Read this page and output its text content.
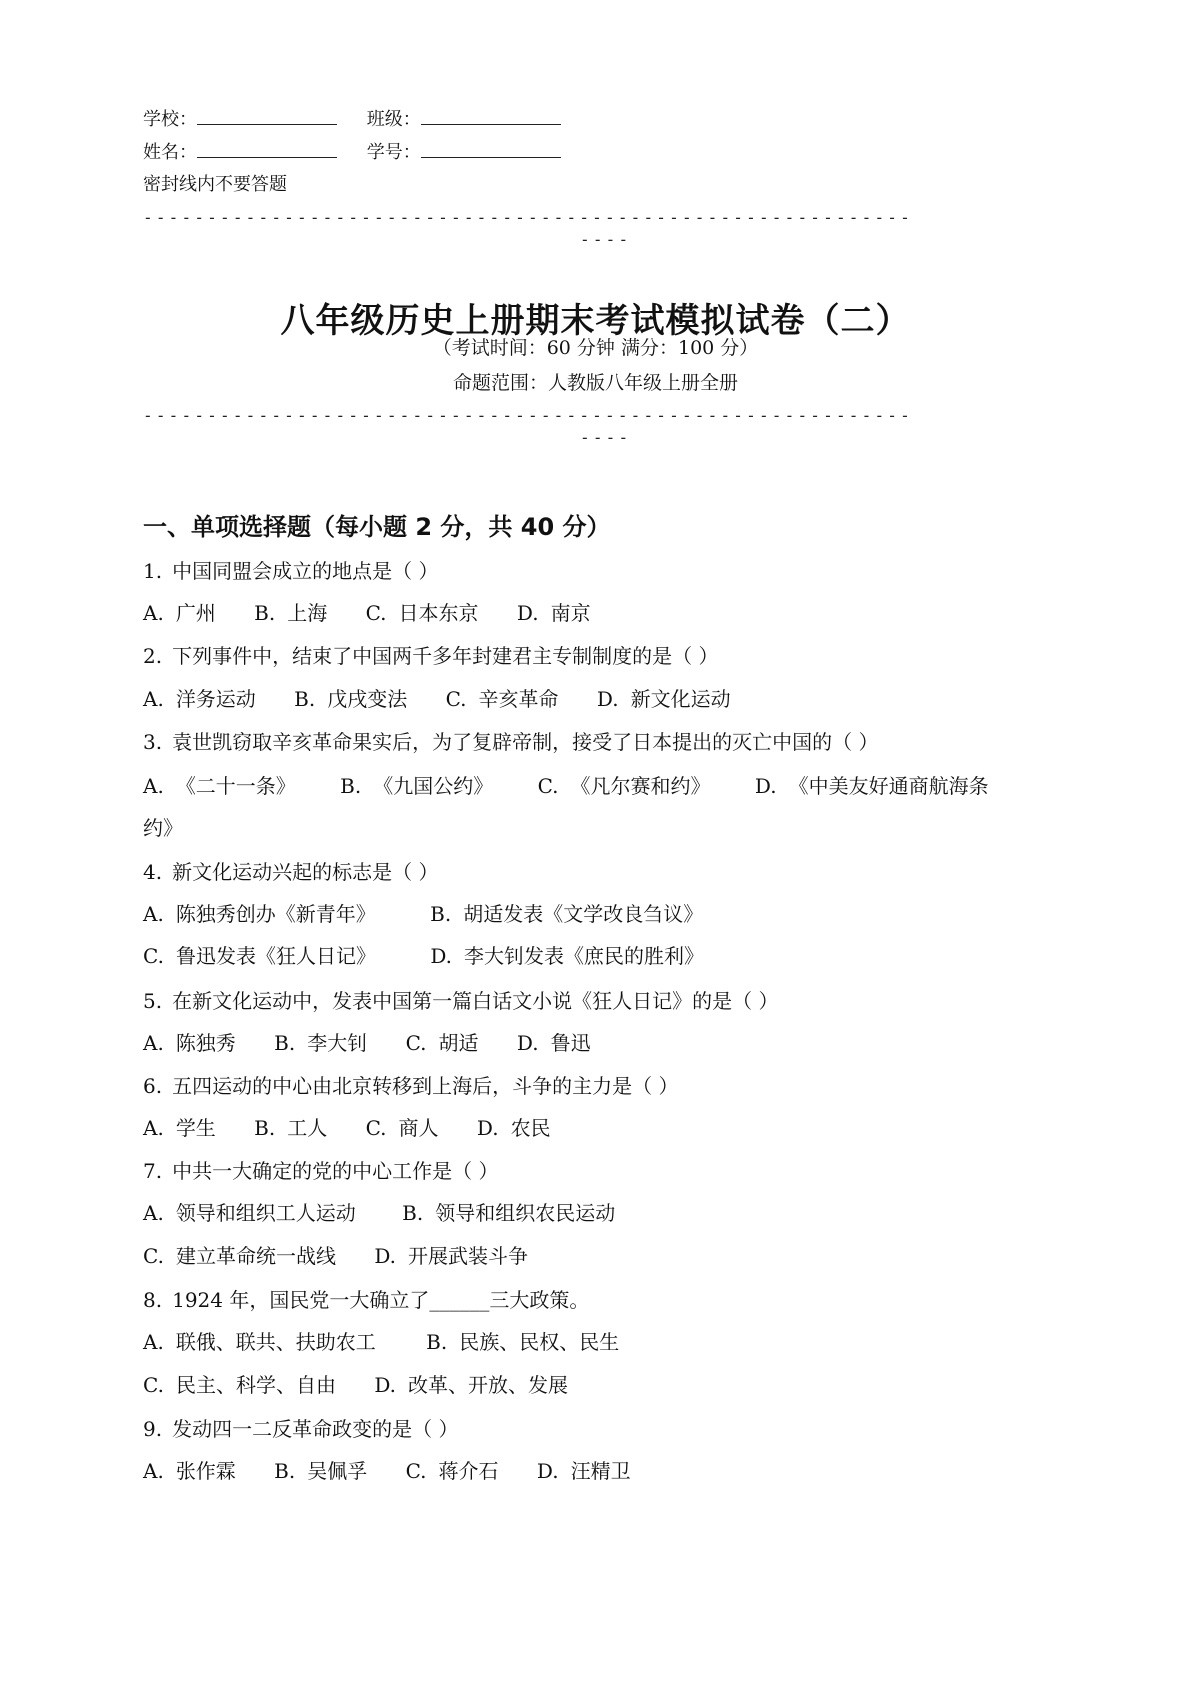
学校：	班级：
姓名：	学号：
密封线内不要答题
------------------------------------------------------------
----
八年级历史上册期末考试模拟试卷（二）
（考试时间：60 分钟 满分：100 分）
命题范围：人教版八年级上册全册
------------------------------------------------------------
----
一、单项选择题（每小题 2 分，共 40 分）
1. 中国同盟会成立的地点是（ ）
A. 广州 B. 上海 C. 日本东京 D. 南京
2. 下列事件中，结束了中国两千多年封建君主专制制度的是（ ）
A. 洋务运动 B. 戊戌变法 C. 辛亥革命 D. 新文化运动
3. 袁世凯窃取辛亥革命果实后，为了复辟帝制，接受了日本提出的灭亡中国的（ ）
A. 《二十一条》 B. 《九国公约》 C. 《凡尔赛和约》 D. 《中美友好通商航海条
约》
4. 新文化运动兴起的标志是（ ）
A. 陈独秀创办《新青年》	B. 胡适发表《文学改良刍议》
C. 鲁迅发表《狂人日记》	D. 李大钊发表《庶民的胜利》
5. 在新文化运动中，发表中国第一篇白话文小说《狂人日记》的是（ ）
A. 陈独秀 B. 李大钊 C. 胡适 D. 鲁迅
6. 五四运动的中心由北京转移到上海后，斗争的主力是（ ）
A. 学生 B. 工人 C. 商人 D. 农民
7. 中共一大确定的党的中心工作是（ ）
A. 领导和组织工人运动 B. 领导和组织农民运动
C. 建立革命统一战线 D. 开展武装斗争
8. 1924 年，国民党一大确立了______三大政策。
A. 联俄、联共、扶助农工	B. 民族、民权、民生
C. 民主、科学、自由 D. 改革、开放、发展
9. 发动四一二反革命政变的是（ ）
A. 张作霖 B. 吴佩孚 C. 蒋介石 D. 汪精卫
